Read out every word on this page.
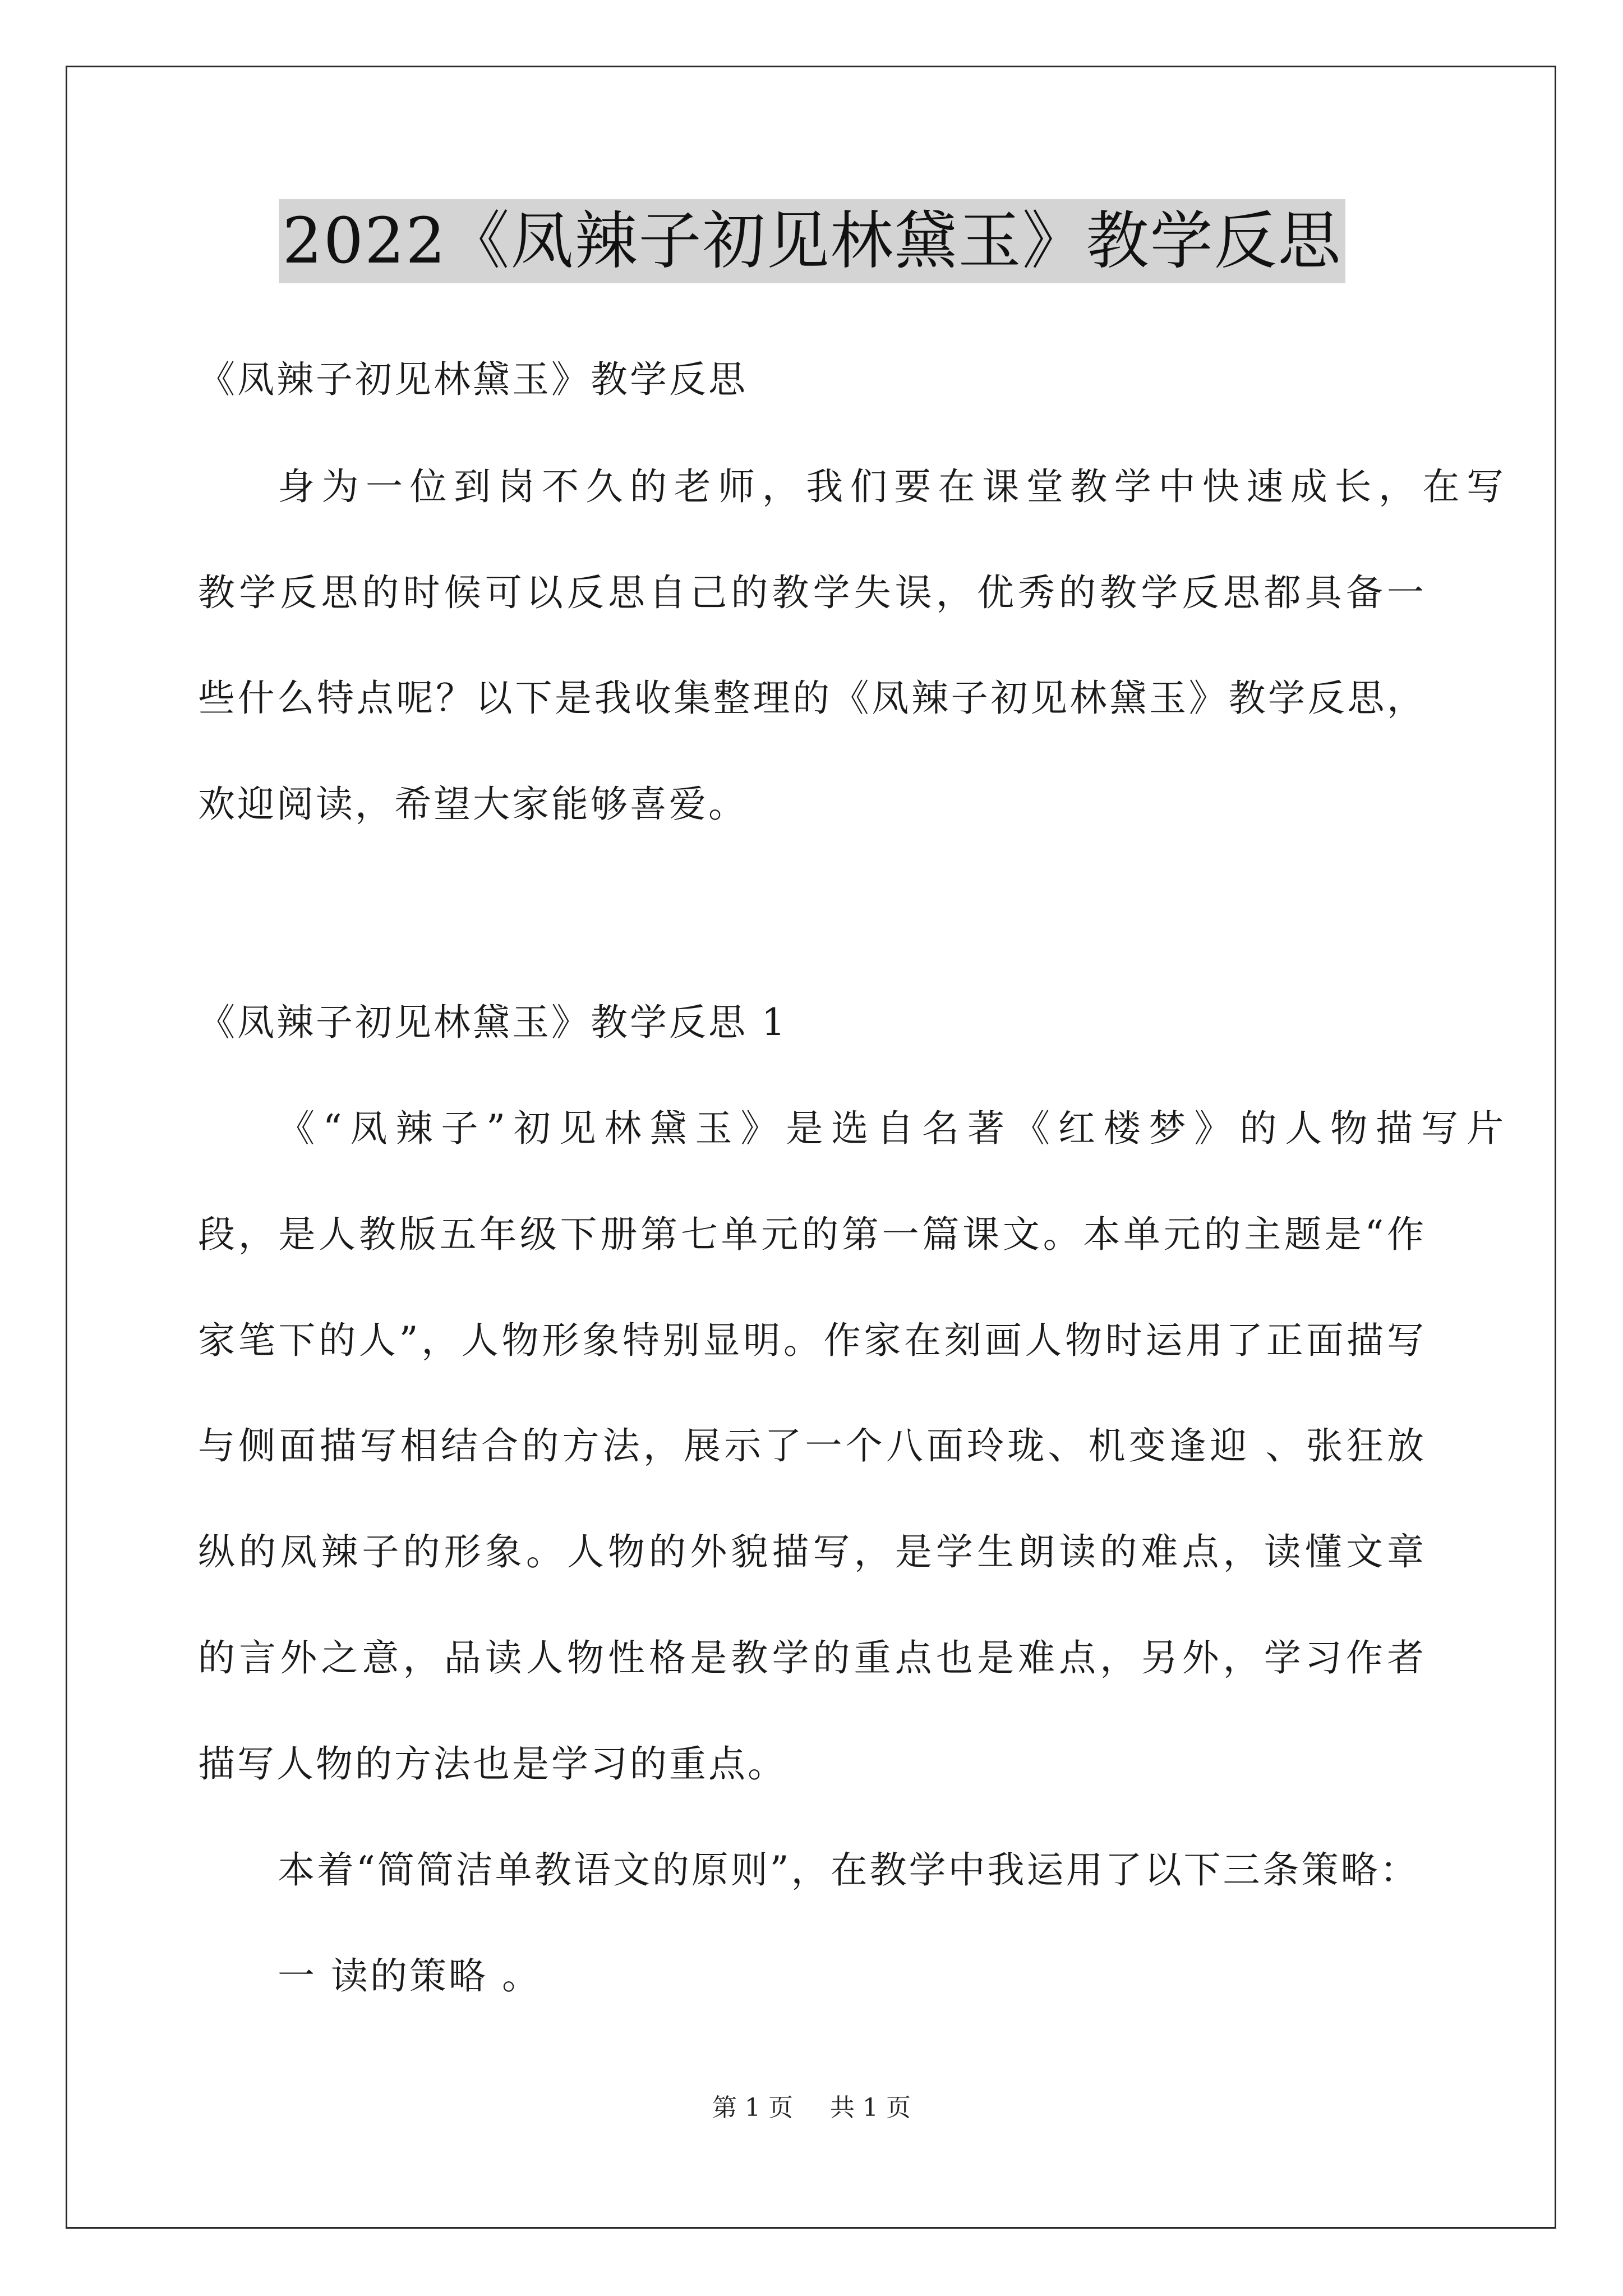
2022《凤辣子初见林黛玉》教学反思
《凤辣子初见林黛玉》教学反思
身为一位到岗不久的老师，我们要在课堂教学中快速成长，在写
教学反思的时候可以反思自己的教学失误，优秀的教学反思都具备一
些什么特点呢？以下是我收集整理的《凤辣子初见林黛玉》教学反思，
欢迎阅读，希望大家能够喜爱。
《凤辣子初见林黛玉》教学反思 1
《“凤辣子”初见林黛玉》是选自名著《红楼梦》的人物描写片
段，是人教版五年级下册第七单元的第一篇课文。本单元的主题是“作
家笔下的人”，人物形象特别显明。作家在刻画人物时运用了正面描写
与侧面描写相结合的方法，展示了一个八面玲珑、机变逢迎 、张狂放
纵的凤辣子的形象。人物的外貌描写，是学生朗读的难点，读懂文章
的言外之意，品读人物性格是教学的重点也是难点，另外，学习作者
描写人物的方法也是学习的重点。
本着“简简洁单教语文的原则”，在教学中我运用了以下三条策略：
一 读的策略 。
第 1 页 共 1 页
